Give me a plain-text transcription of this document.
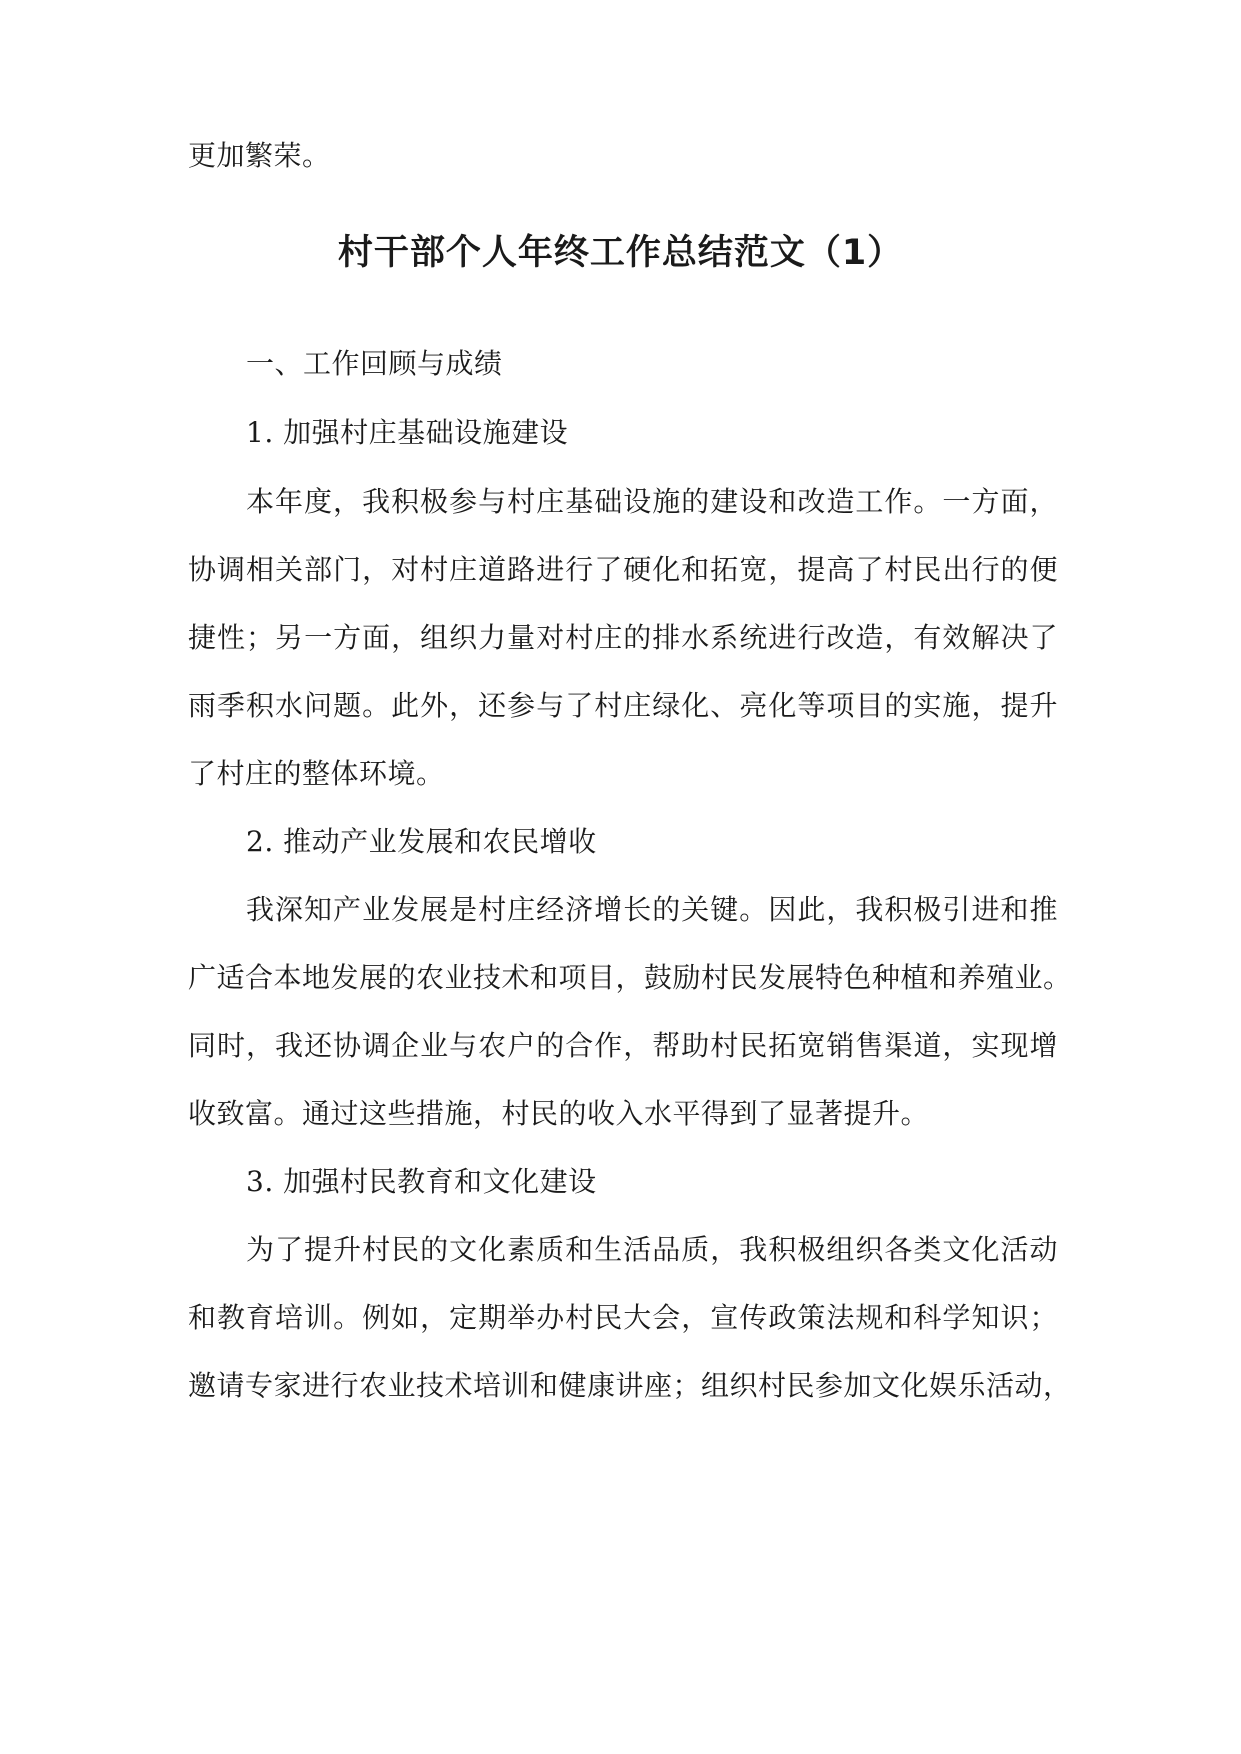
更加繁荣。
村干部个人年终工作总结范文（1）
一、工作回顾与成绩
1. 加强村庄基础设施建设
本年度，我积极参与村庄基础设施的建设和改造工作。一方面，
协调相关部门，对村庄道路进行了硬化和拓宽，提高了村民出行的便
捷性；另一方面，组织力量对村庄的排水系统进行改造，有效解决了
雨季积水问题。此外，还参与了村庄绿化、亮化等项目的实施，提升
了村庄的整体环境。
2. 推动产业发展和农民增收
我深知产业发展是村庄经济增长的关键。因此，我积极引进和推
广适合本地发展的农业技术和项目，鼓励村民发展特色种植和养殖业。
同时，我还协调企业与农户的合作，帮助村民拓宽销售渠道，实现增
收致富。通过这些措施，村民的收入水平得到了显著提升。
3. 加强村民教育和文化建设
为了提升村民的文化素质和生活品质，我积极组织各类文化活动
和教育培训。例如，定期举办村民大会，宣传政策法规和科学知识；
邀请专家进行农业技术培训和健康讲座；组织村民参加文化娱乐活动，
